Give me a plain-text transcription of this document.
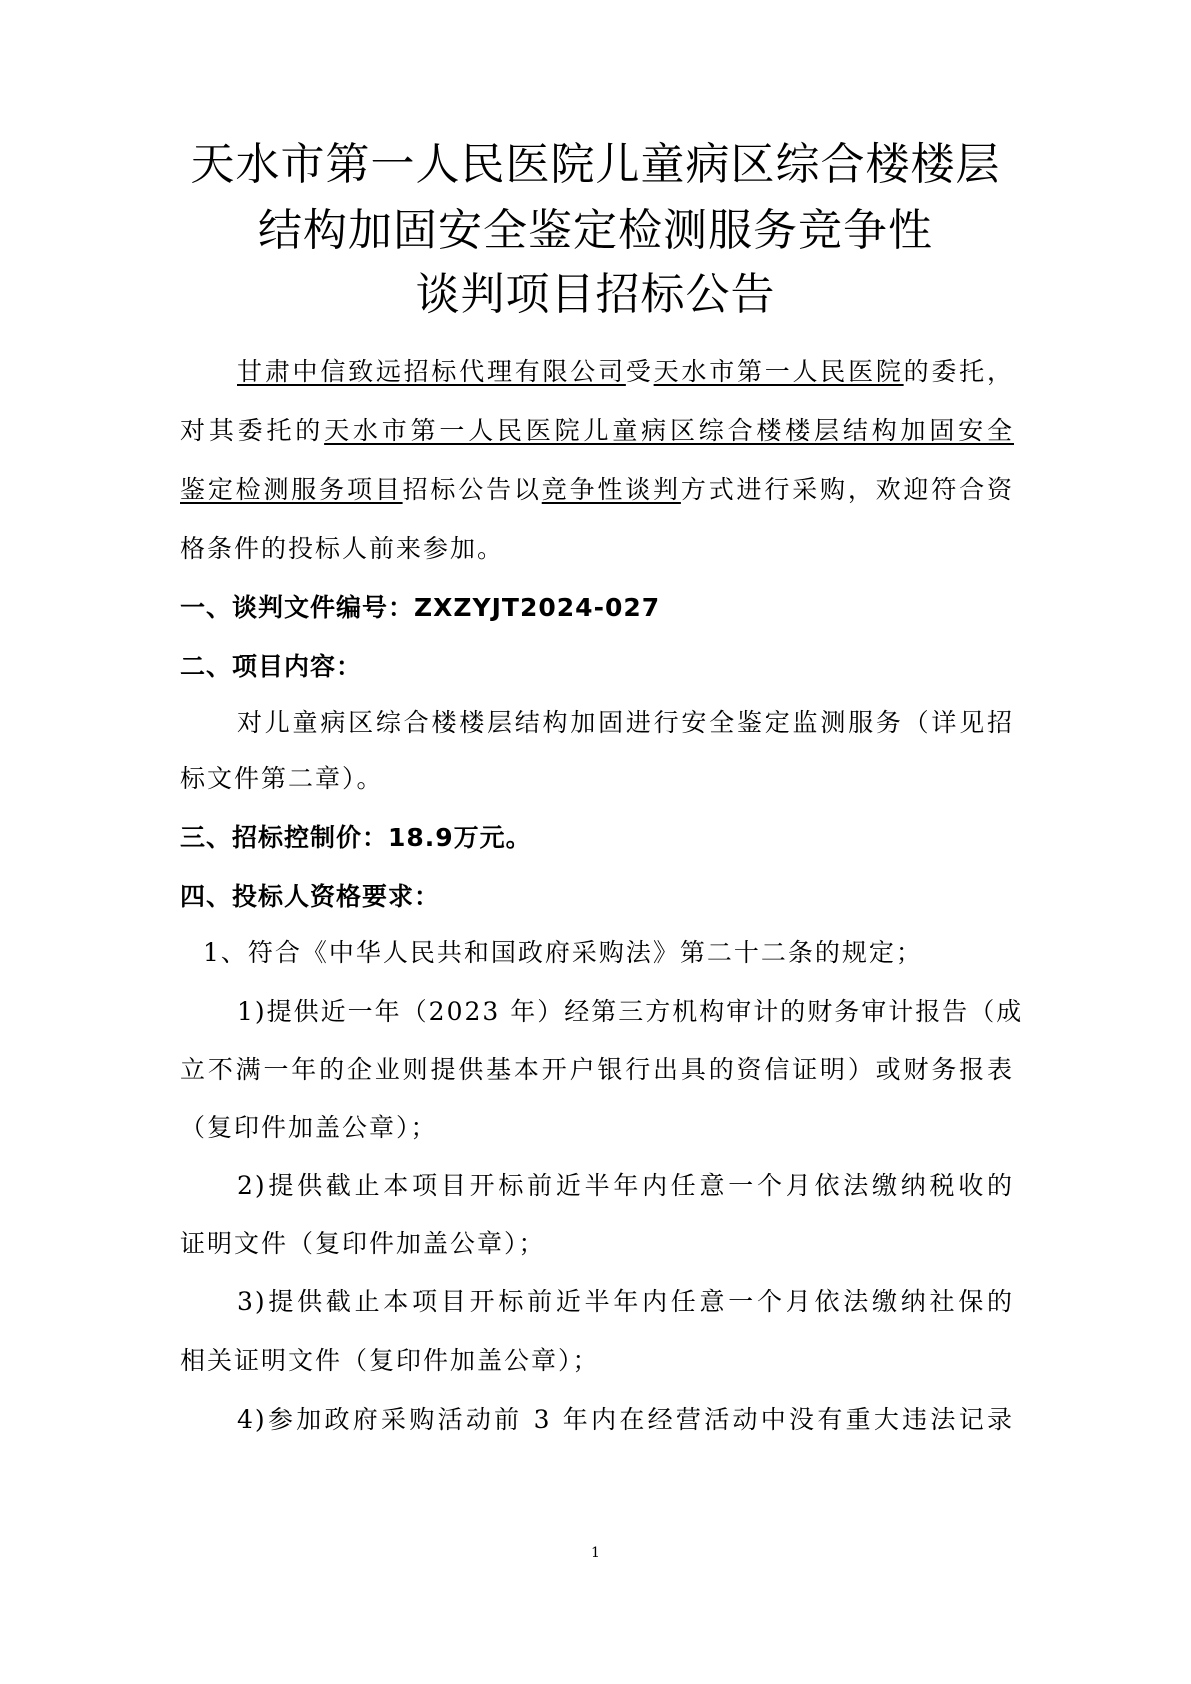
天水市第一人民医院儿童病区综合楼楼层
结构加固安全鉴定检测服务竞争性
谈判项目招标公告
甘肃中信致远招标代理有限公司受天水市第一人民医院的委托，
对其委托的天水市第一人民医院儿童病区综合楼楼层结构加固安全
鉴定检测服务项目招标公告以竞争性谈判方式进行采购，欢迎符合资
格条件的投标人前来参加。
一、谈判文件编号：ZXZYJT2024-027
二、项目内容：
对儿童病区综合楼楼层结构加固进行安全鉴定监测服务（详见招
标文件第二章）。
三、招标控制价：18.9万元。
四、投标人资格要求：
1、符合《中华人民共和国政府采购法》第二十二条的规定；
1)提供近一年（2023 年）经第三方机构审计的财务审计报告（成
立不满一年的企业则提供基本开户银行出具的资信证明）或财务报表
（复印件加盖公章）；
2)提供截止本项目开标前近半年内任意一个月依法缴纳税收的
证明文件（复印件加盖公章）；
3)提供截止本项目开标前近半年内任意一个月依法缴纳社保的
相关证明文件（复印件加盖公章）；
4)参加政府采购活动前 3 年内在经营活动中没有重大违法记录
1
